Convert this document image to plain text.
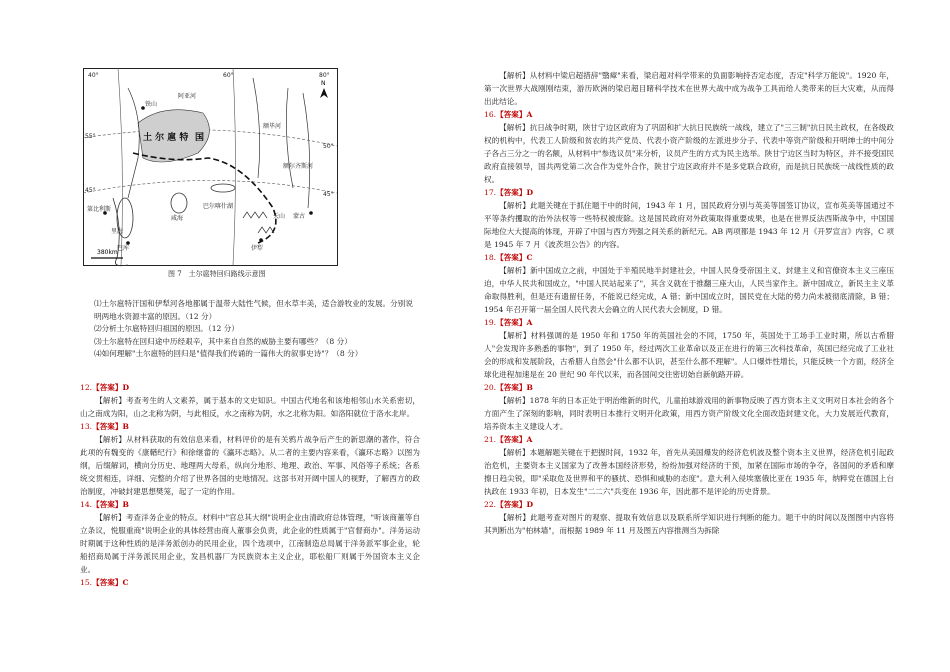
40°	60°	80°
55°
45°
50°
45°
铁山
阿亚河
额毕河
额尔齐斯河
巴尔喀什湖
第比利斯
咸海
巴库
里海
伊犁
蒙古
天山
土 尔 扈 特 国
380km
N
图 7　土尔扈特回归路线示意图

⑴土尔扈特汗国和伊犁河各地都属于温带大陆性气候，但水草丰美，适合游牧业的发展。分别说明两地水资源丰富的原因。（12 分）

⑵分析土尔扈特回归祖国的原因。（12 分）

⑶土尔扈特在回归途中历经艰辛，其中来自自然的威胁主要有哪些？（8 分）

⑷如何理解"土尔扈特的回归是"值得我们传诵的一篇伟大的叙事史诗"？（8 分）

12.【答案】D

【解析】考查考生的人文素养，属于基本的文史知识。中国古代地名和该地相邻山水关系密切，山之南成为阳，山之北称为阴，与此相反，水之南称为阴，水之北称为阳。如洛阳就位于洛水北岸。

13.【答案】B

【解析】从材料获取的有效信息来看，材料评价的是有关鸦片战争后产生的新思潮的著作，符合此项的有魏变的《康輶纪行》和徐继畲的《瀛环志略》。从二者的主要内容来看，《瀛环志略》以图为纲，后缀解词，横向分历史、地理两大母系，纵向分地形、地理、政治、军事、风俗等子系统；各系统交贯相连，详细、完整的介绍了世界各国的史地情况。这部书对开阔中国人的视野，了解西方的政治制度，冲破封建思想樊笼，起了一定的作用。

14.【答案】B

【解析】考查洋务企业的特点。材料中"官总其大纲"说明企业由清政府总体管理，"听该商董等自立条议，悦服重商"说明企业的具体经营由商人董事会负责，此企业的性质属于"官督商办"。洋务运动时期属于这种性质的是洋务派创办的民用企业，四个选项中，江南制造总局属于洋务派军事企业，轮船招商局属于洋务派民用企业，发昌机器厂为民族资本主义企业，耶松船厂则属于外国资本主义企业。

15.【答案】C

【解析】从材料中梁启超措辞"翳瘴"来看，梁启超对科学带来的负面影响持否定态度，否定"科学万能说"。1920 年，第一次世界大战刚刚结束，游历欧洲的梁启超目睹科学技术在世界大战中成为战争工具而给人类带来的巨大灾难，从而得出此结论。

16.【答案】A

【解析】抗日战争时期，陕甘宁边区政府为了巩固和扩大抗日民族统一战线，建立了"三三制"抗日民主政权，在各级政权的机构中，代表工人阶级和贫农的共产党员、代表小资产阶级的左派进步分子、代表中等资产阶级和开明绅士的中间分子各占三分之一的名额，从材料中"参选议员"来分析，议员产生的方式为民主选举。陕甘宁边区当时为特区，并不接受国民政府直接领导，国共两党第二次合作为党外合作，陕甘宁边区政府并不是多党联合政府，而是抗日民族统一战线性质的政权。

17.【答案】D

【解析】此题关键在于抓住题干中的时间，1943 年 1 月，国民政府分别与英美等国签订协议，宣布英美等国通过不平等条约攫取的治外法权等一些特权被废除。这是国民政府对外政策取得重要成果，也是在世界反法西斯战争中，中国国际地位大大提高的体现，开辟了中国与西方列强之间关系的新纪元。AB 两项都是 1943 年 12 月《开罗宣言》内容，C 项是 1945 年 7 月《波茨坦公告》的内容。

18.【答案】C

【解析】新中国成立之前，中国处于半殖民地半封建社会，中国人民身受帝国主义、封建主义和官僚资本主义三座压迫，中华人民共和国成立，"中国人民站起来了"，其含义就在于推翻三座大山，人民当家作主。新中国成立，新民主主义革命取得胜利，但是还有遗留任务，不能说已经完成，A 错；新中国成立时，国民党在大陆的势力尚未被彻底清除，B 错；1954 年召开第一届全国人民代表大会确立的人民代表大会制度，D 错。

19.【答案】A

【解析】材料强调的是 1950 年和 1750 年的英国社会的不同，1750 年，英国处于工场手工业时期，所以古希腊人"会发现许多熟悉的事物"，到了 1950 年，经过两次工业革命以及正在进行的第三次科技革命，英国已经完成了工业社会的形成和发展阶段，古希腊人自然会"什么都不认识，甚至什么都不理解"。人口爆炸性增长，只能反映一个方面，经济全球化进程加速是在 20 世纪 90 年代以来，而各国间交往密切始自新航路开辟。

20.【答案】B

【解析】1878 年的日本正处于明治维新的时代，儿童拍球游戏用的新事物反映了西方资本主义文明对日本社会的各个方面产生了深刻的影响，同时表明日本推行文明开化政策，用西方资产阶级文化全面改造封建文化，大力发展近代教育，培养资本主义建设人才。

21.【答案】A

【解析】本题解题关键在于把握时间，1932 年，首先从美国爆发的经济危机波及整个资本主义世界，经济危机引起政治危机，主要资本主义国家为了改善本国经济形势，纷纷加强对经济的干预，加紧在国际市场的争夺，各国间的矛盾和摩擦日趋尖锐，即"采取危及世界和平的骚扰、恐惧和威胁的态度"。意大利入侵埃塞俄比亚在 1935 年，纳粹党在德国上台执政在 1933 年初，日本发生"二二六"兵变在 1936 年，因此都不是评论的历史背景。

22.【答案】D

【解析】此题考查对图片的观察、提取有效信息以及联系所学知识进行判断的能力。题干中的时间以及图图中内容将其判断出为"柏林墙"，而根据 1989 年 11 月及图五内容推测当为拆除
